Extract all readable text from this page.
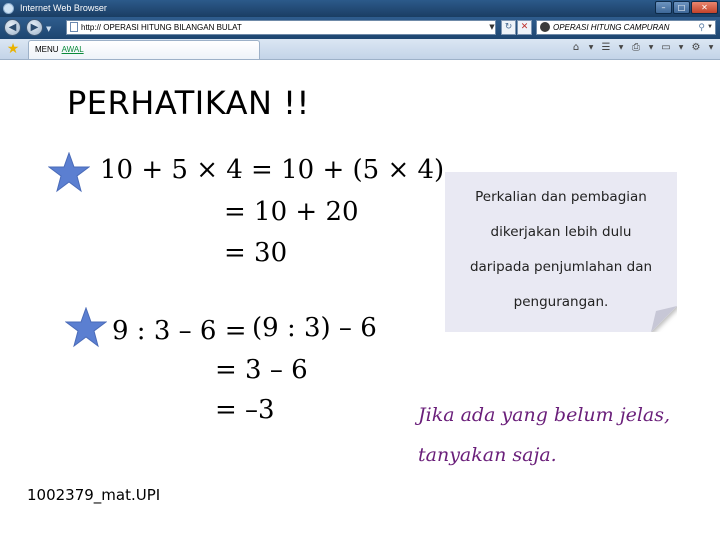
Internet Web Browser	–	□	✕
◀	▶	▼	http:// OPERASI HITUNG BILANGAN BULAT	▼	↻ ✕	OPERASI HITUNG CAMPURAN	⚲ ▼
★	MENU AWAL	⌂	▼ ☰	▼ ⎙	▼ ▭	▼ ⚙	▼
PERHATIKAN !!
10 + 5 × 4 = 10 + (5 × 4)
= 10 + 20
= 30
9 : 3 – 6 = (9 : 3) – 6
= 3 – 6
= –3
Perkalian dan pembagian
dikerjakan lebih dulu
daripada penjumlahan dan
pengurangan.
Jika ada yang belum jelas,
tanyakan saja.
1002379_mat.UPI
